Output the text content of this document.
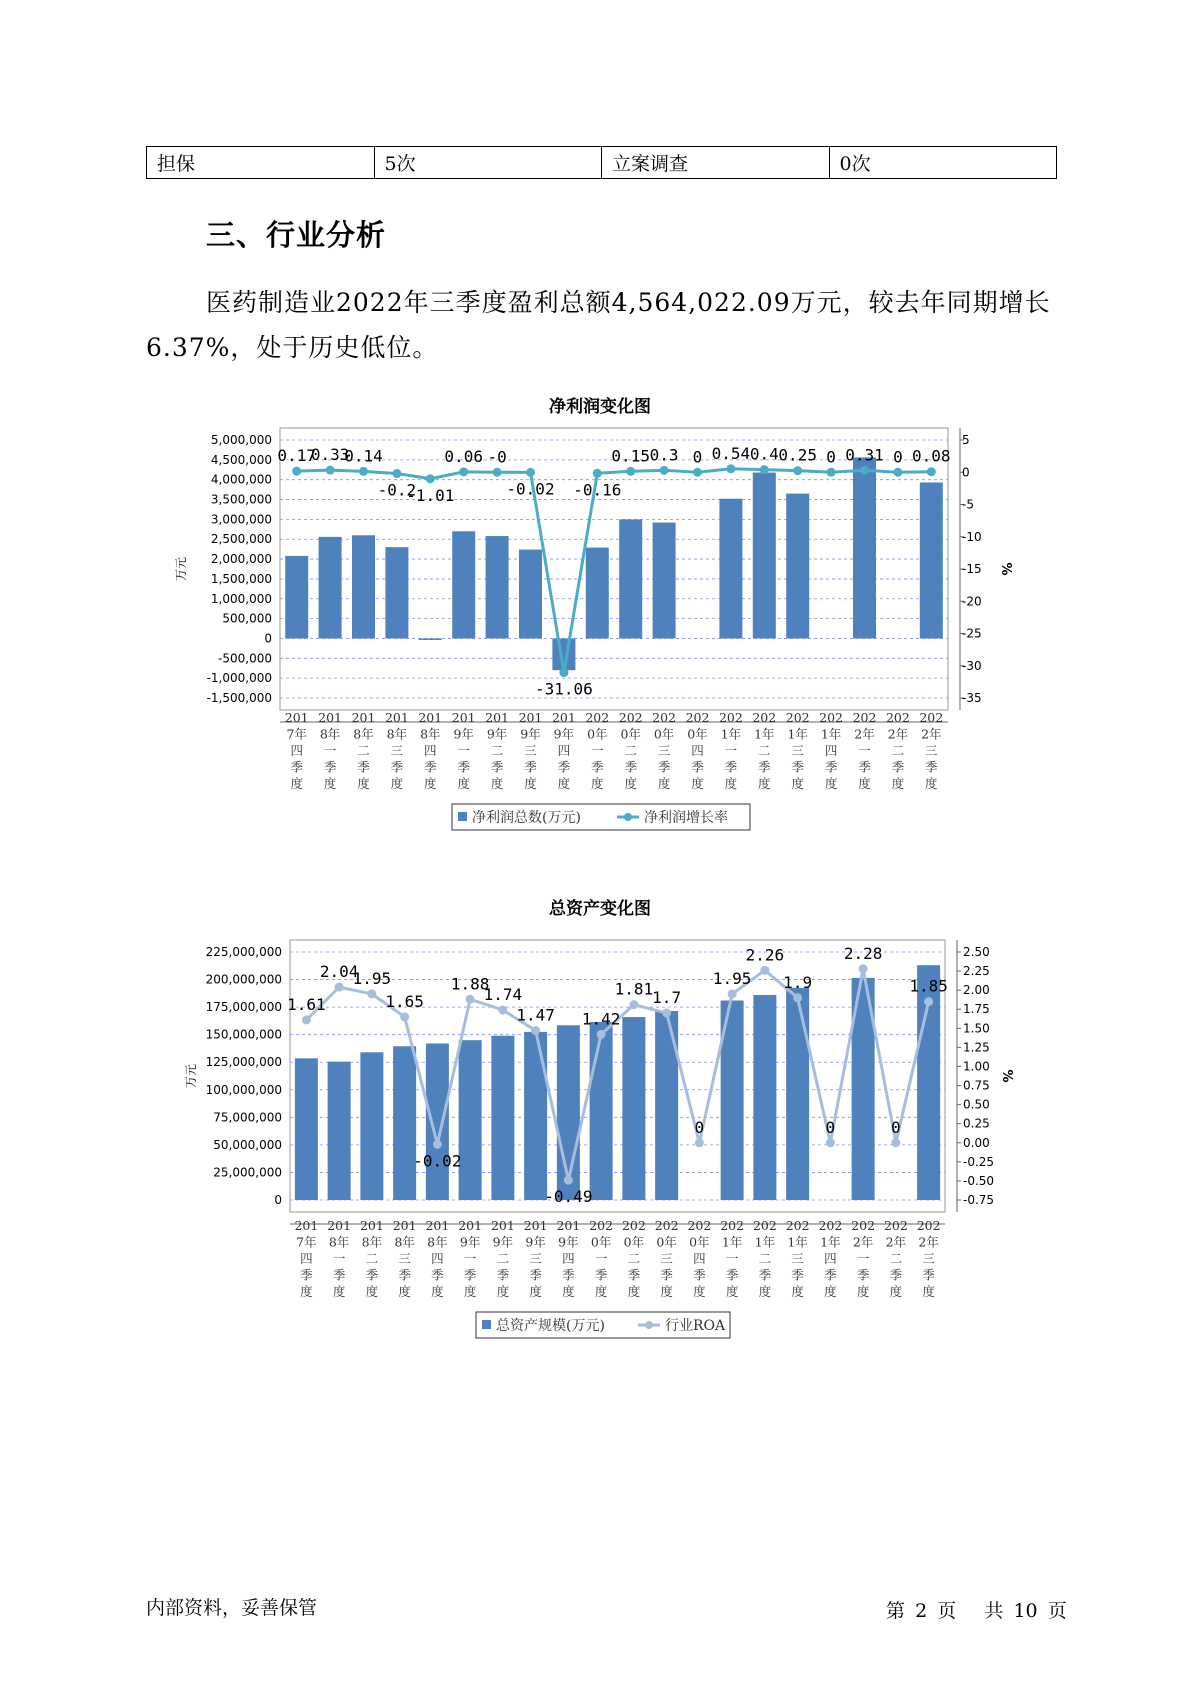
担保	5次	立案调查	0次
三、行业分析
医药制造业2022年三季度盈利总额4,564,022.09万元，较去年同期增长6.37%，处于历史低位。
净利润变化图
5,000,000
4,500,000
4,000,000
3,500,000
3,000,000
2,500,000
2,000,000
1,500,000
1,000,000
500,000
0
-500,000
-1,000,000
-1,500,000
5
0
-5
-10
-15
-20
-25
-30
-35
万元	%
0.17
0.33
0.14
-0.2
-1.01
0.06 -0
-0.02
-31.06
-0.16
0.15 0.3 0 0.54 0.4 0.25 0 0.31 0 0.08
201 7年四季度
201 8年一季度
201 8年二季度
201 8年三季度
201 8年四季度
201 9年一季度
201 9年二季度
201 9年三季度
201 9年四季度
202 0年一季度
202 0年二季度
202 0年三季度
202 0年四季度
202 1年一季度
202 1年二季度
202 1年三季度
202 1年四季度
202 2年一季度
202 2年二季度
202 2年三季度
净利润总数(万元)	净利润增长率
总资产变化图
225,000,000
200,000,000
175,000,000
150,000,000
125,000,000
100,000,000
75,000,000
50,000,000
25,000,000
0
2.50
2.25
2.00
1.75
1.50
1.25
1.00
0.75
0.50
0.25
0.00
-0.25
-0.50
-0.75
万元	%
1.61
2.04
1.95
1.65
-0.02
1.88
1.74
1.47
-0.49
1.42
1.81 1.7
0
1.95
2.26
1.9
0
2.28
0
1.85
201 7年四季度
201 8年一季度
201 8年二季度
201 8年三季度
201 8年四季度
201 9年一季度
201 9年二季度
201 9年三季度
201 9年四季度
202 0年一季度
202 0年二季度
202 0年三季度
202 0年四季度
202 1年一季度
202 1年二季度
202 1年三季度
202 1年四季度
202 2年一季度
202 2年二季度
202 2年三季度
总资产规模(万元)	行业ROA
内部资料，妥善保管	第 2 页 共 10 页
